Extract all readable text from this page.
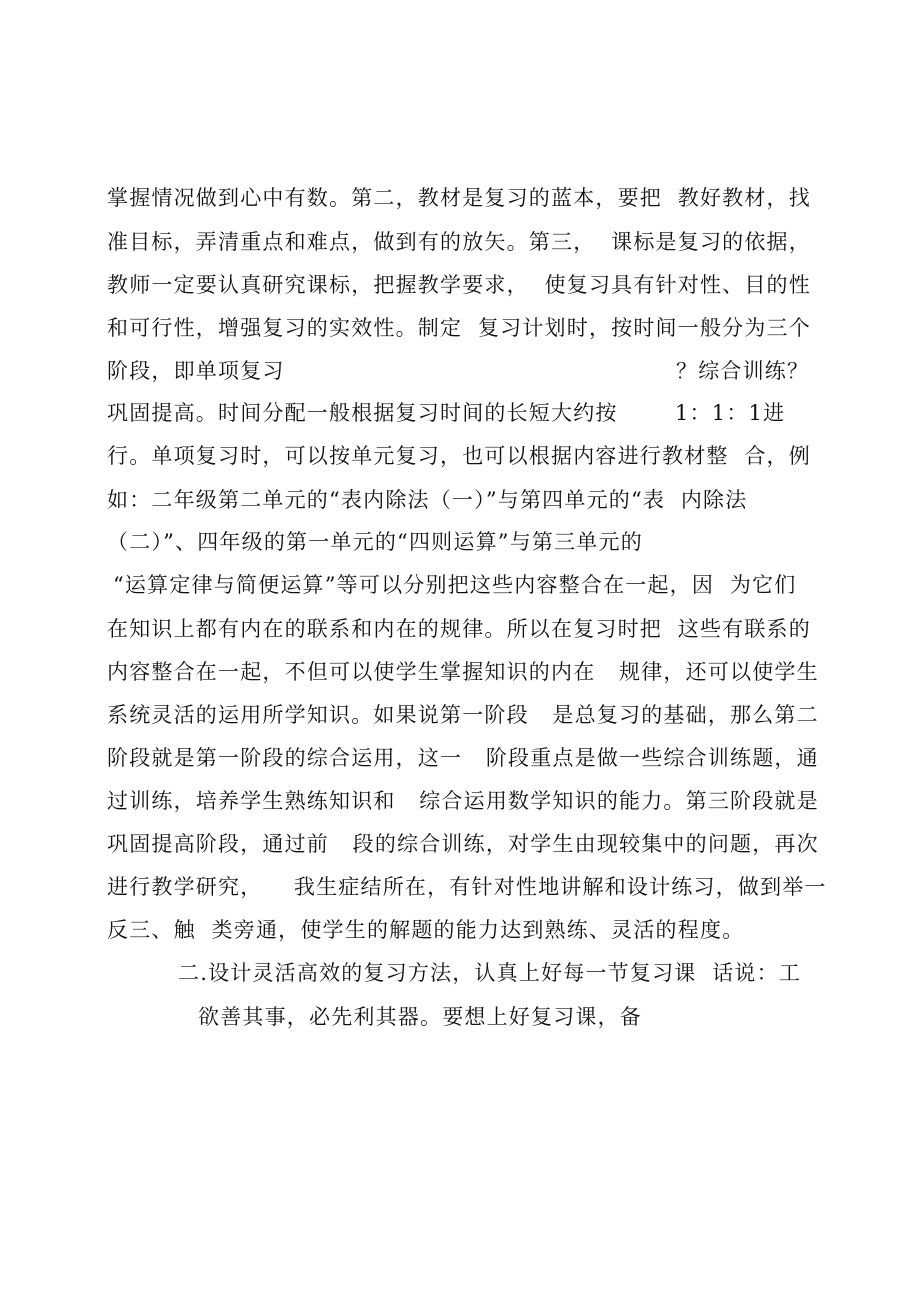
掌握情况做到心中有数。第二，教材是复习的蓝本，要把  教好教材，找
准目标，弄清重点和难点，做到有的放矢。第三，  课标是复习的依据，
教师一定要认真研究课标，把握教学要求，  使复习具有针对性、目的性
和可行性，增强复习的实效性。制定  复习计划时，按时间一般分为三个
阶段，即单项复习	？综合训练？
巩固提高。时间分配一般根据复习时间的长短大约按	1：1：1进
行。单项复习时，可以按单元复习，也可以根据内容进行教材整  合，例
如：二年级第二单元的“表内除法（一）”与第四单元的“表  内除法
（二）”、四年级的第一单元的“四则运算”与第三单元的
“运算定律与简便运算”等可以分别把这些内容整合在一起，因  为它们
在知识上都有内在的联系和内在的规律。所以在复习时把  这些有联系的
内容整合在一起，不但可以使学生掌握知识的内在   规律，还可以使学生
系统灵活的运用所学知识。如果说第一阶段   是总复习的基础，那么第二
阶段就是第一阶段的综合运用，这一   阶段重点是做一些综合训练题，通
过训练，培养学生熟练知识和   综合运用数学知识的能力。第三阶段就是
巩固提高阶段，通过前   段的综合训练，对学生由现较集中的问题，再次
进行教学研究，    我生症结所在，有针对性地讲解和设计练习，做到举一
反三、触  类旁通，使学生的解题的能力达到熟练、灵活的程度。
二.设计灵活高效的复习方法，认真上好每一节复习课  话说：工
欲善其事，必先利其器。要想上好复习课，备
